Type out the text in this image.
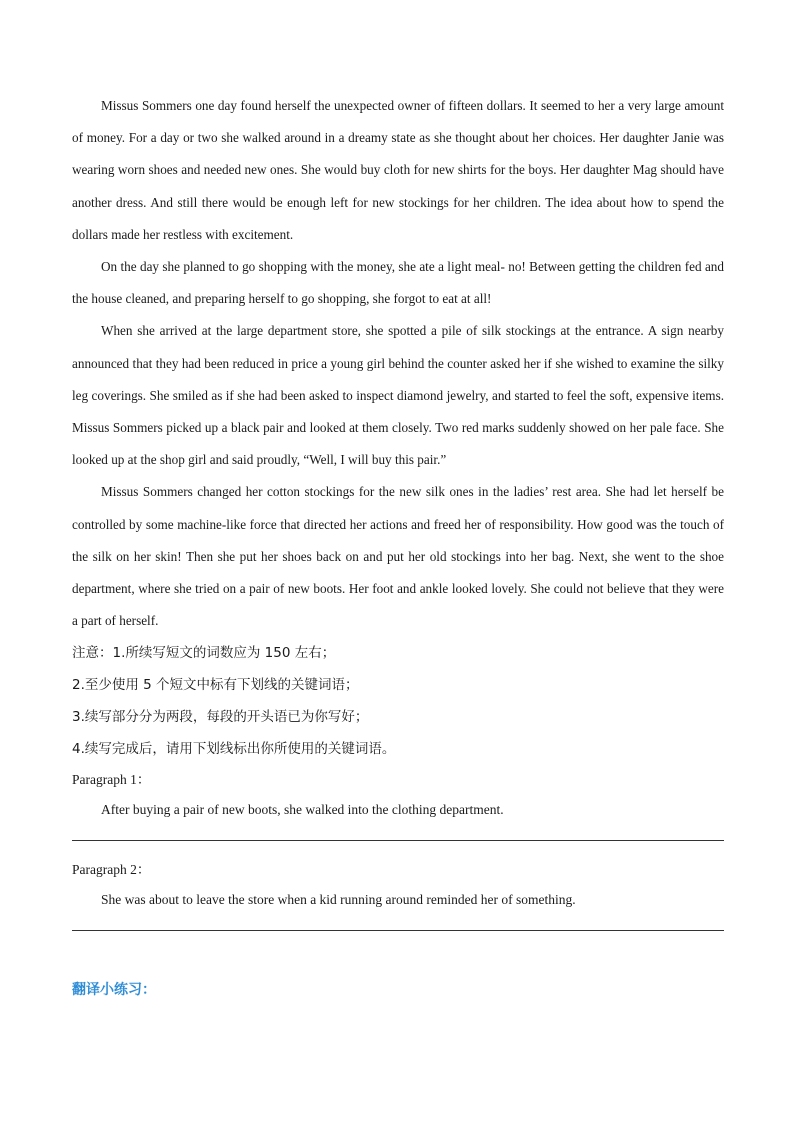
Missus Sommers one day found herself the unexpected owner of fifteen dollars. It seemed to her a very large amount of money. For a day or two she walked around in a dreamy state as she thought about her choices. Her daughter Janie was wearing worn shoes and needed new ones. She would buy cloth for new shirts for the boys. Her daughter Mag should have another dress. And still there would be enough left for new stockings for her children. The idea about how to spend the dollars made her restless with excitement.

On the day she planned to go shopping with the money, she ate a light meal- no! Between getting the children fed and the house cleaned, and preparing herself to go shopping, she forgot to eat at all!

When she arrived at the large department store, she spotted a pile of silk stockings at the entrance. A sign nearby announced that they had been reduced in price a young girl behind the counter asked her if she wished to examine the silky leg coverings. She smiled as if she had been asked to inspect diamond jewelry, and started to feel the soft, expensive items. Missus Sommers picked up a black pair and looked at them closely. Two red marks suddenly showed on her pale face. She looked up at the shop girl and said proudly, “Well, I will buy this pair.”

Missus Sommers changed her cotton stockings for the new silk ones in the ladies’ rest area. She had let herself be controlled by some machine-like force that directed her actions and freed her of responsibility. How good was the touch of the silk on her skin! Then she put her shoes back on and put her old stockings into her bag. Next, she went to the shoe department, where she tried on a pair of new boots. Her foot and ankle looked lovely. She could not believe that they were a part of herself.

注意：1.所续写短文的词数应为 150 左右；

2.至少使用 5 个短文中标有下划线的关键词语；

3.续写部分分为两段，每段的开头语已为你写好；

4.续写完成后，请用下划线标出你所使用的关键词语。

Paragraph 1：

After buying a pair of new boots, she walked into the clothing department.

Paragraph 2：

She was about to leave the store when a kid running around reminded her of something.

翻译小练习：
